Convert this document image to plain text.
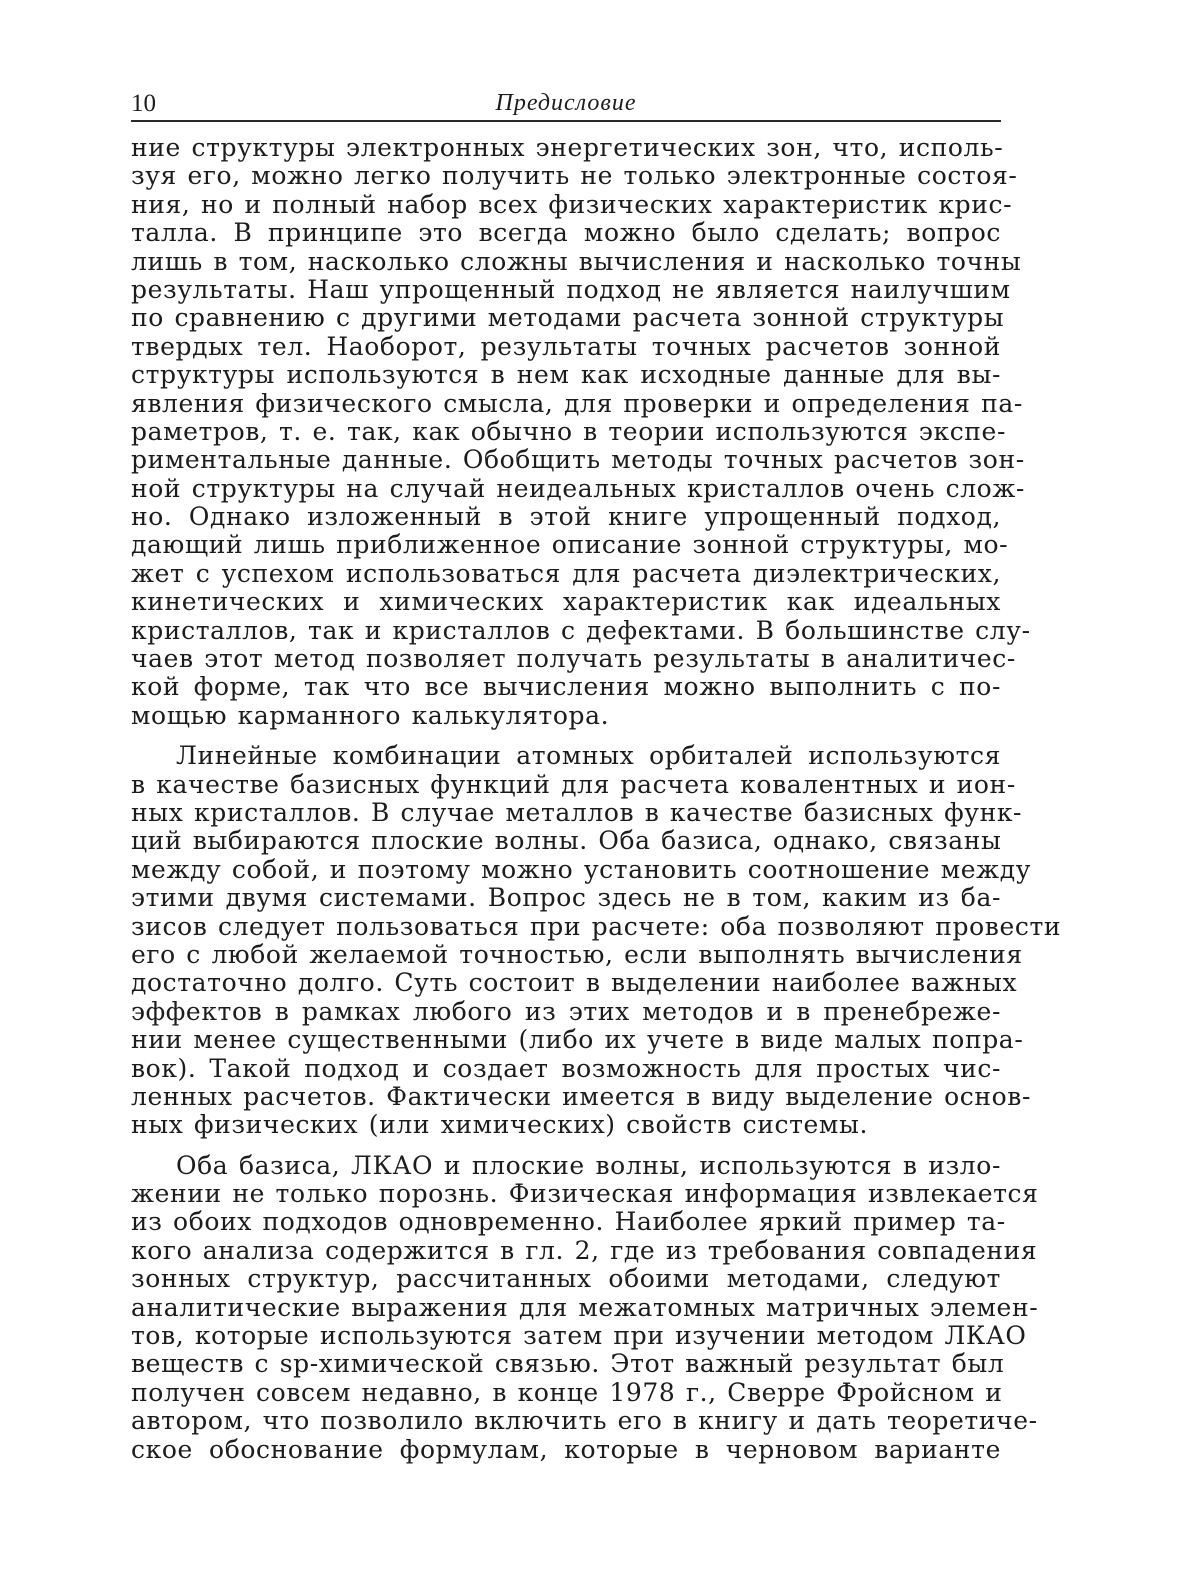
10	Предисловие
ние структуры электронных энергетических зон, что, исполь-
зуя его, можно легко получить не только электронные состоя-
ния, но и полный набор всех физических характеристик крис-
талла. В принципе это всегда можно было сделать; вопрос
лишь в том, насколько сложны вычисления и насколько точны
результаты. Наш упрощенный подход не является наилучшим
по сравнению с другими методами расчета зонной структуры
твердых тел. Наоборот, результаты точных расчетов зонной
структуры используются в нем как исходные данные для вы-
явления физического смысла, для проверки и определения па-
раметров, т. е. так, как обычно в теории используются экспе-
риментальные данные. Обобщить методы точных расчетов зон-
ной структуры на случай неидеальных кристаллов очень слож-
но. Однако изложенный в этой книге упрощенный подход,
дающий лишь приближенное описание зонной структуры, мо-
жет с успехом использоваться для расчета диэлектрических,
кинетических и химических характеристик как идеальных
кристаллов, так и кристаллов с дефектами. В большинстве слу-
чаев этот метод позволяет получать результаты в аналитичес-
кой форме, так что все вычисления можно выполнить с по-
мощью карманного калькулятора.
Линейные комбинации атомных орбиталей используются
в качестве базисных функций для расчета ковалентных и ион-
ных кристаллов. В случае металлов в качестве базисных функ-
ций выбираются плоские волны. Оба базиса, однако, связаны
между собой, и поэтому можно установить соотношение между
этими двумя системами. Вопрос здесь не в том, каким из ба-
зисов следует пользоваться при расчете: оба позволяют провести
его с любой желаемой точностью, если выполнять вычисления
достаточно долго. Суть состоит в выделении наиболее важных
эффектов в рамках любого из этих методов и в пренебреже-
нии менее существенными (либо их учете в виде малых попра-
вок). Такой подход и создает возможность для простых чис-
ленных расчетов. Фактически имеется в виду выделение основ-
ных физических (или химических) свойств системы.
Оба базиса, ЛКАО и плоские волны, используются в изло-
жении не только порознь. Физическая информация извлекается
из обоих подходов одновременно. Наиболее яркий пример та-
кого анализа содержится в гл. 2, где из требования совпадения
зонных структур, рассчитанных обоими методами, следуют
аналитические выражения для межатомных матричных элемен-
тов, которые используются затем при изучении методом ЛКАО
веществ с sp-химической связью. Этот важный результат был
получен совсем недавно, в конце 1978 г., Сверре Фройсном и
автором, что позволило включить его в книгу и дать теоретиче-
ское обоснование формулам, которые в черновом варианте
